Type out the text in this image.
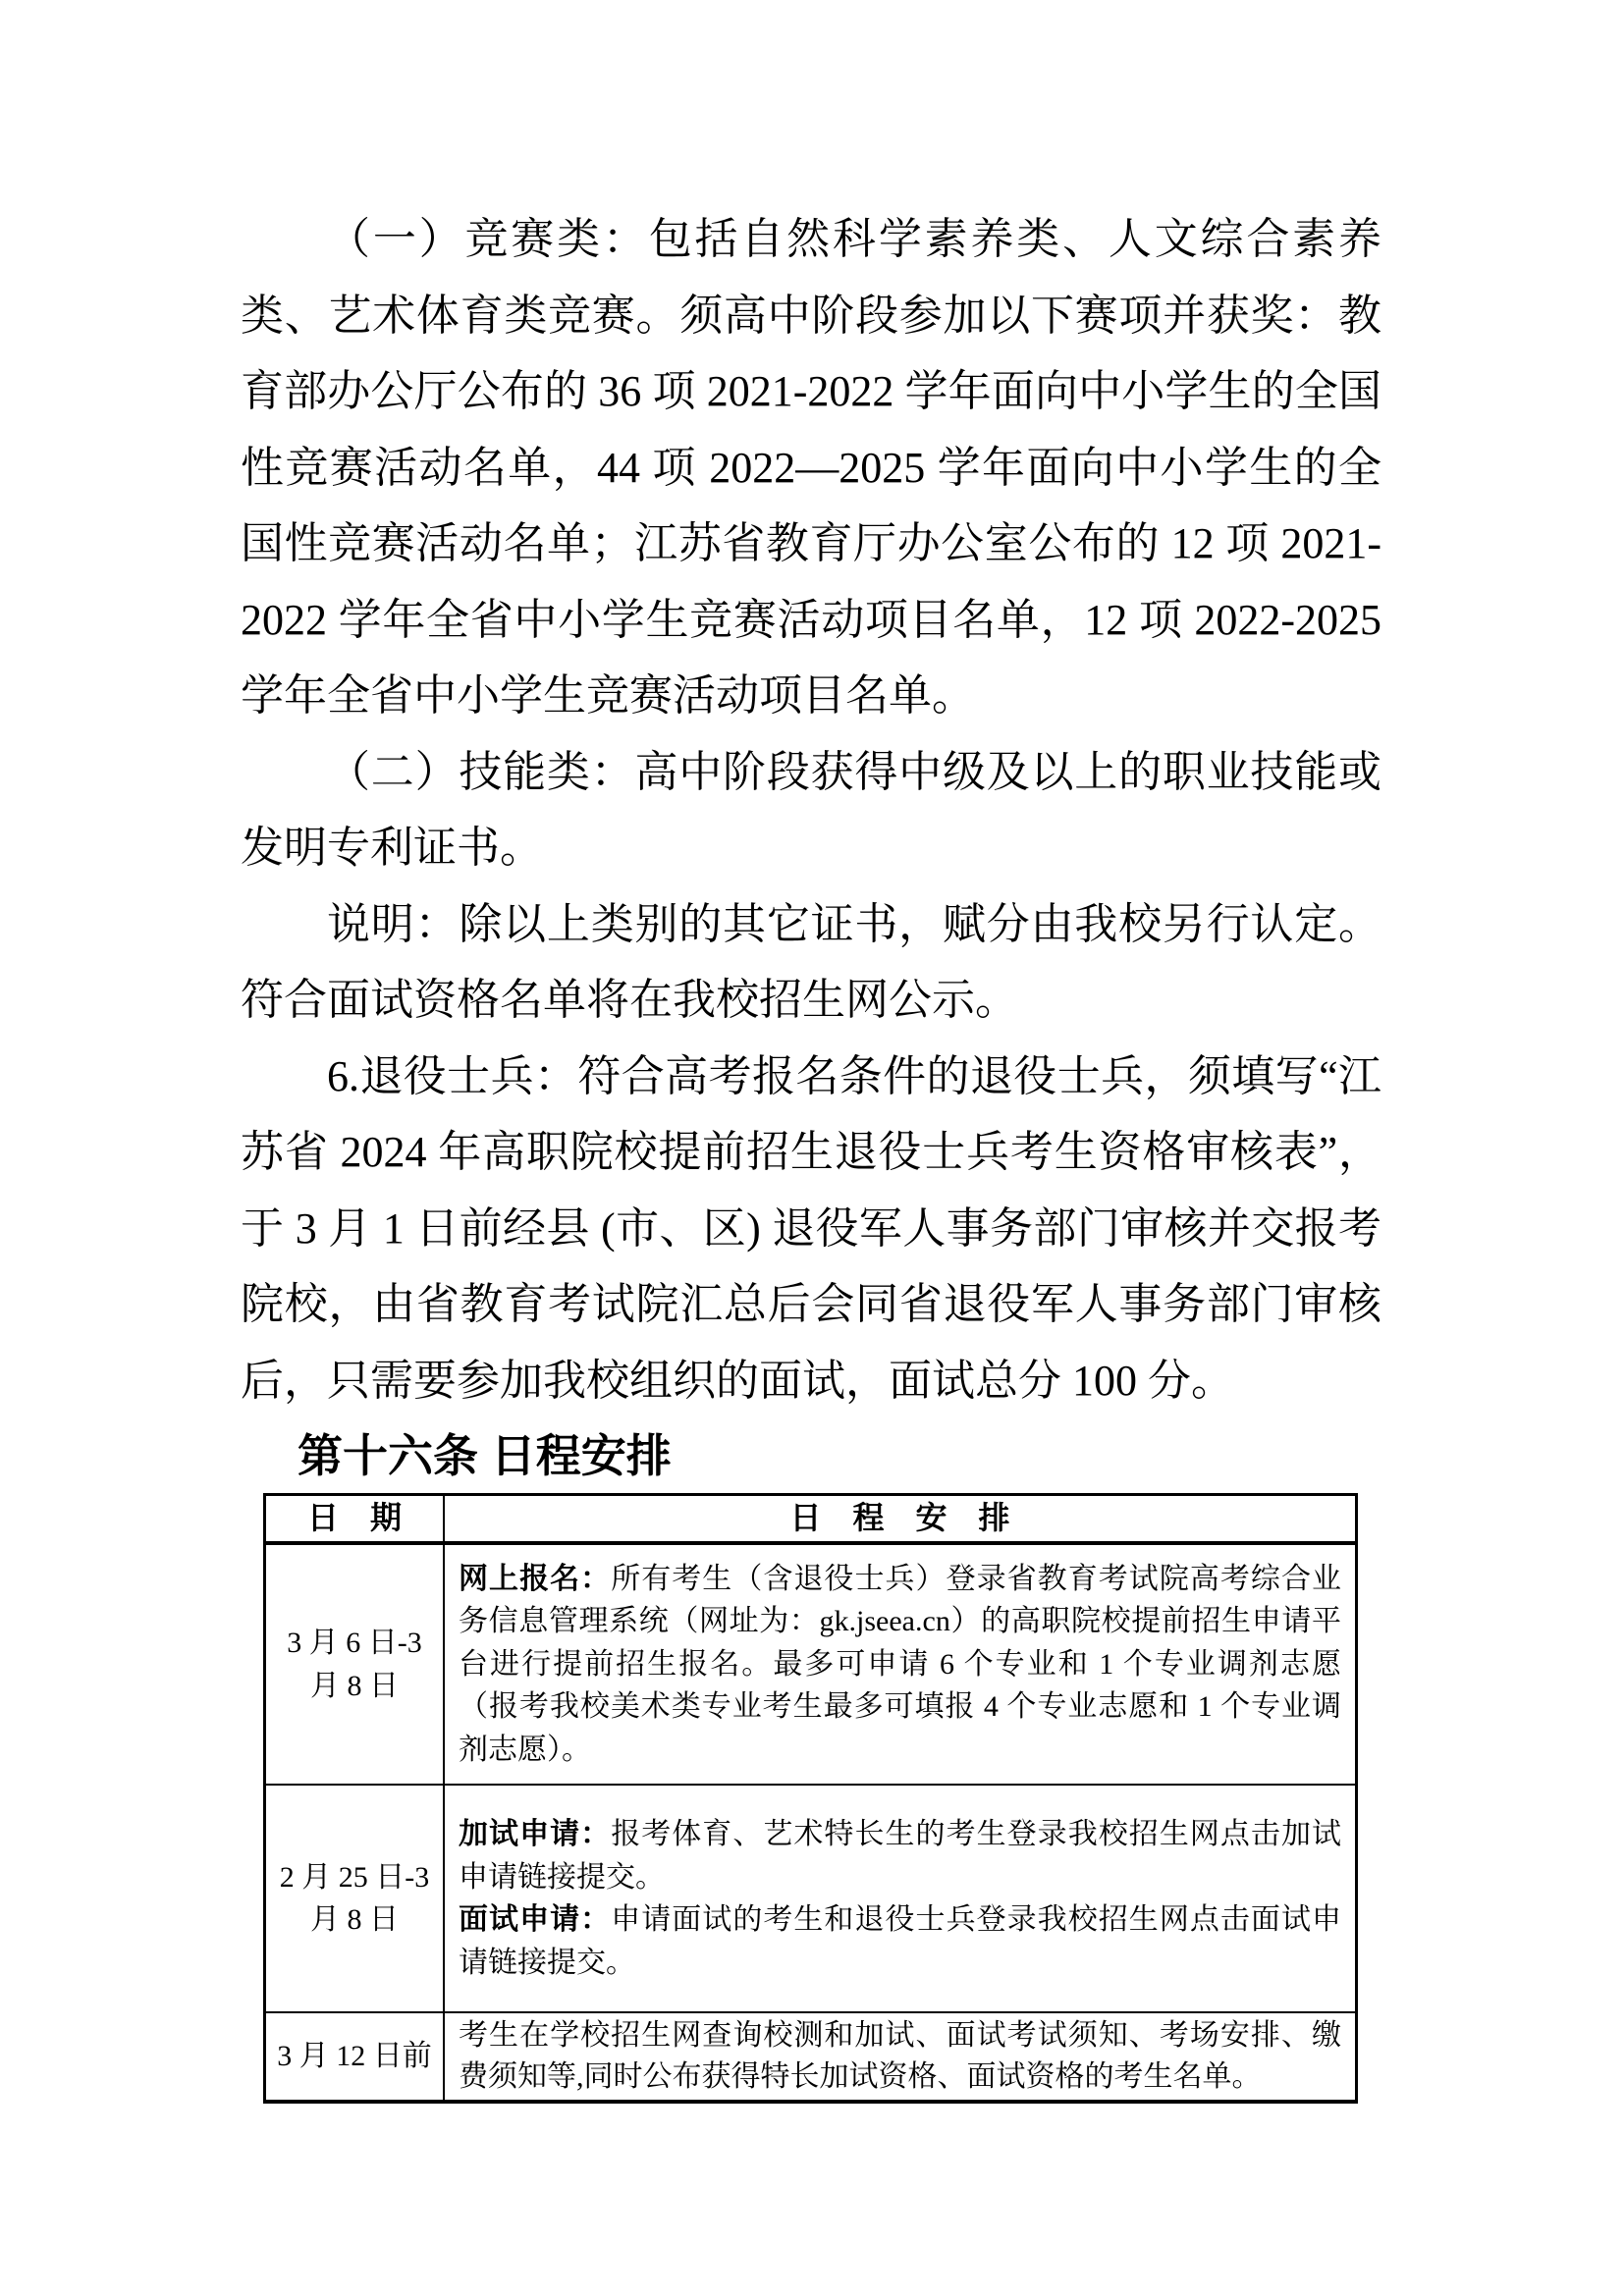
（一）竞赛类：包括自然科学素养类、人文综合素养类、艺术体育类竞赛。须高中阶段参加以下赛项并获奖：教育部办公厅公布的 36 项 2021-2022 学年面向中小学生的全国性竞赛活动名单，44 项 2022—2025 学年面向中小学生的全国性竞赛活动名单；江苏省教育厅办公室公布的 12 项 2021-2022 学年全省中小学生竞赛活动项目名单，12 项 2022-2025 学年全省中小学生竞赛活动项目名单。

（二）技能类：高中阶段获得中级及以上的职业技能或发明专利证书。

说明：除以上类别的其它证书，赋分由我校另行认定。符合面试资格名单将在我校招生网公示。

6.退役士兵：符合高考报名条件的退役士兵，须填写“江苏省 2024 年高职院校提前招生退役士兵考生资格审核表”，于 3 月 1 日前经县 (市、区) 退役军人事务部门审核并交报考院校，由省教育考试院汇总后会同省退役军人事务部门审核后，只需要参加我校组织的面试，面试总分 100 分。

第十六条 日程安排

日　期	日　程　安　排
3 月 6 日-3 月 8 日

网上报名：所有考生（含退役士兵）登录省教育考试院高考综合业务信息管理系统（网址为：gk.jseea.cn）的高职院校提前招生申请平台进行提前招生报名。最多可申请 6 个专业和 1 个专业调剂志愿（报考我校美术类专业考生最多可填报 4 个专业志愿和 1 个专业调剂志愿）。

2 月 25 日-3 月 8 日

加试申请：报考体育、艺术特长生的考生登录我校招生网点击加试申请链接提交。

面试申请：申请面试的考生和退役士兵登录我校招生网点击面试申请链接提交。

3 月 12 日前

考生在学校招生网查询校测和加试、面试考试须知、考场安排、缴费须知等,同时公布获得特长加试资格、面试资格的考生名单。
